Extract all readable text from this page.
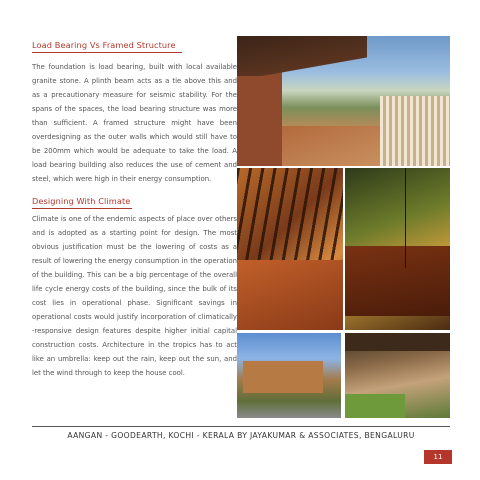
Load Bearing Vs Framed Structure
The foundation is load bearing, built with local available granite stone. A plinth beam acts as a tie above this and as a precautionary measure for seismic stability. For the spans of the spaces, the load bearing structure was more than sufficient. A framed structure might have been overdesigning as the outer walls which would still have to be 200mm which would be adequate to take the load. A load bearing building also reduces the use of cement and steel, which were high in their energy consumption.
Designing With Climate
Climate is one of the endemic aspects of place over others and is adopted as a starting point for design. The most obvious justification must be the lowering of costs as a result of lowering the energy consumption in the operation of the building. This can be a big percentage of the overall life cycle energy costs of the building, since the bulk of its cost lies in operational phase. Significant savings in operational costs would justify incorporation of climatically -responsive design features despite higher initial capital construction costs. Architecture in the tropics has to act like an umbrella: keep out the rain, keep out the sun, and let the wind through to keep the house cool.
AANGAN - GOODEARTH, KOCHI - KERALA BY JAYAKUMAR & ASSOCIATES, BENGALURU
11
